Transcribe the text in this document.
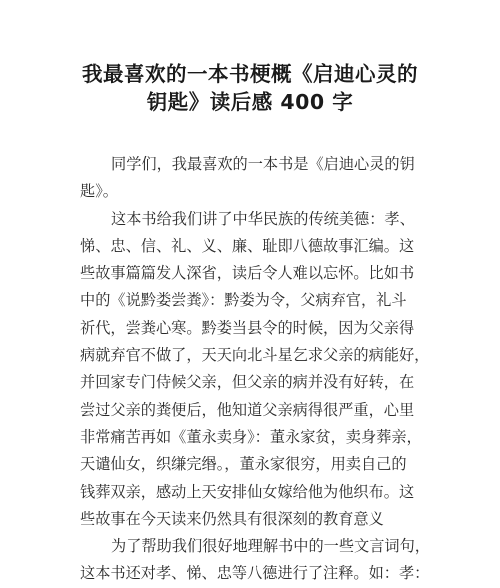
我最喜欢的一本书梗概《启迪心灵的
钥匙》读后感 400 字
同学们，我最喜欢的一本书是《启迪心灵的钥
匙》。
这本书给我们讲了中华民族的传统美德：孝、
悌、忠、信、礼、义、廉、耻即八德故事汇编。这
些故事篇篇发人深省，读后令人难以忘怀。比如书
中的《说黔娄尝粪》：黔娄为令，父病弃官，礼斗
祈代，尝粪心寒。黔娄当县令的时候，因为父亲得
病就弃官不做了，天天向北斗星乞求父亲的病能好，
并回家专门侍候父亲，但父亲的病并没有好转，在
尝过父亲的粪便后，他知道父亲病得很严重，心里
非常痛苦再如《董永卖身》：董永家贫，卖身葬亲，
天谴仙女，织缣完缗。，董永家很穷，用卖自己的
钱葬双亲，感动上天安排仙女嫁给他为他织布。这
些故事在今天读来仍然具有很深刻的教育意义
为了帮助我们很好地理解书中的一些文言词句，
这本书还对孝、悌、忠等八德进行了注释。如：孝：
